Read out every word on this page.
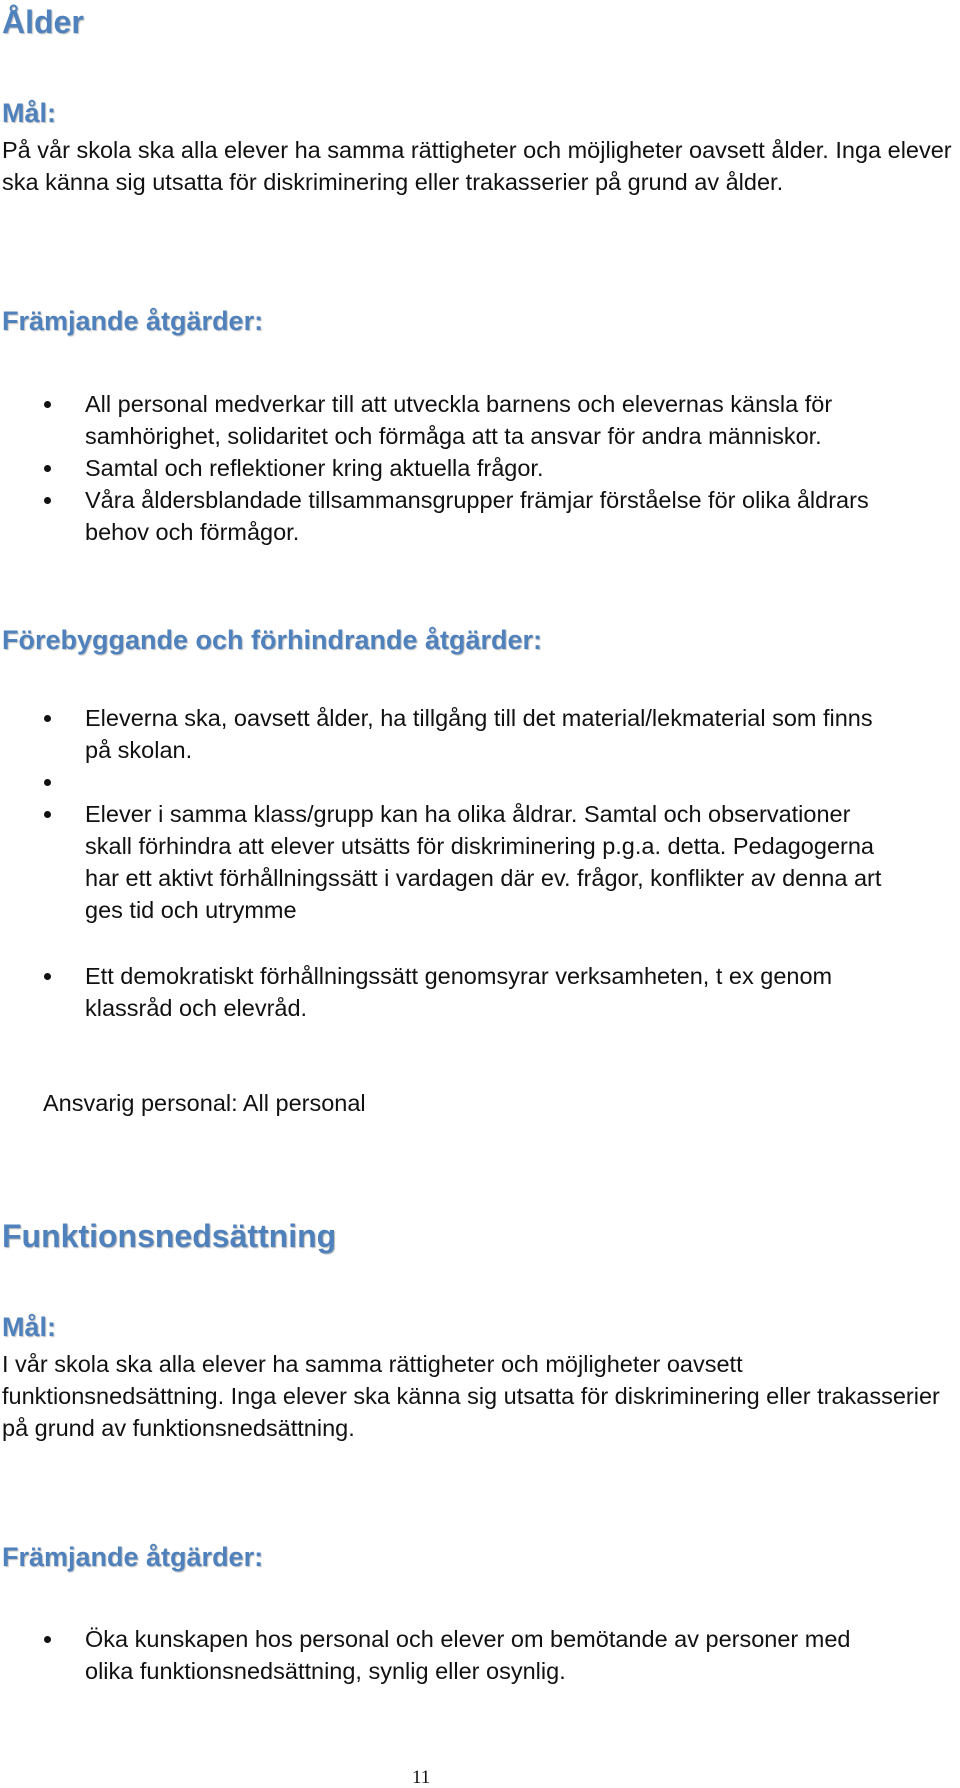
Ålder
Mål:

På vår skola ska alla elever ha samma rättigheter och möjligheter oavsett ålder. Inga elever ska känna sig utsatta för diskriminering eller trakasserier på grund av ålder.

Främjande åtgärder:
All personal medverkar till att utveckla barnens och elevernas känsla för samhörighet, solidaritet och förmåga att ta ansvar för andra människor.
Samtal och reflektioner kring aktuella frågor.
Våra åldersblandade tillsammansgrupper främjar förståelse för olika åldrars behov och förmågor.
Förebyggande och förhindrande åtgärder:
Eleverna ska, oavsett ålder, ha tillgång till det material/lekmaterial som finns på skolan.

Elever i samma klass/grupp kan ha olika åldrar. Samtal och observationer skall förhindra att elever utsätts för diskriminering p.g.a. detta. Pedagogerna har ett aktivt förhållningssätt i vardagen där ev. frågor, konflikter av denna art ges tid och utrymme
Ett demokratiskt förhållningssätt genomsyrar verksamheten, t ex genom klassråd och elevråd.

Ansvarig personal: All personal

Funktionsnedsättning
Mål:

I vår skola ska alla elever ha samma rättigheter och möjligheter oavsett funktionsnedsättning. Inga elever ska känna sig utsatta för diskriminering eller trakasserier på grund av funktionsnedsättning.

Främjande åtgärder:
Öka kunskapen hos personal och elever om bemötande av personer med olika funktionsnedsättning, synlig eller osynlig.
11
